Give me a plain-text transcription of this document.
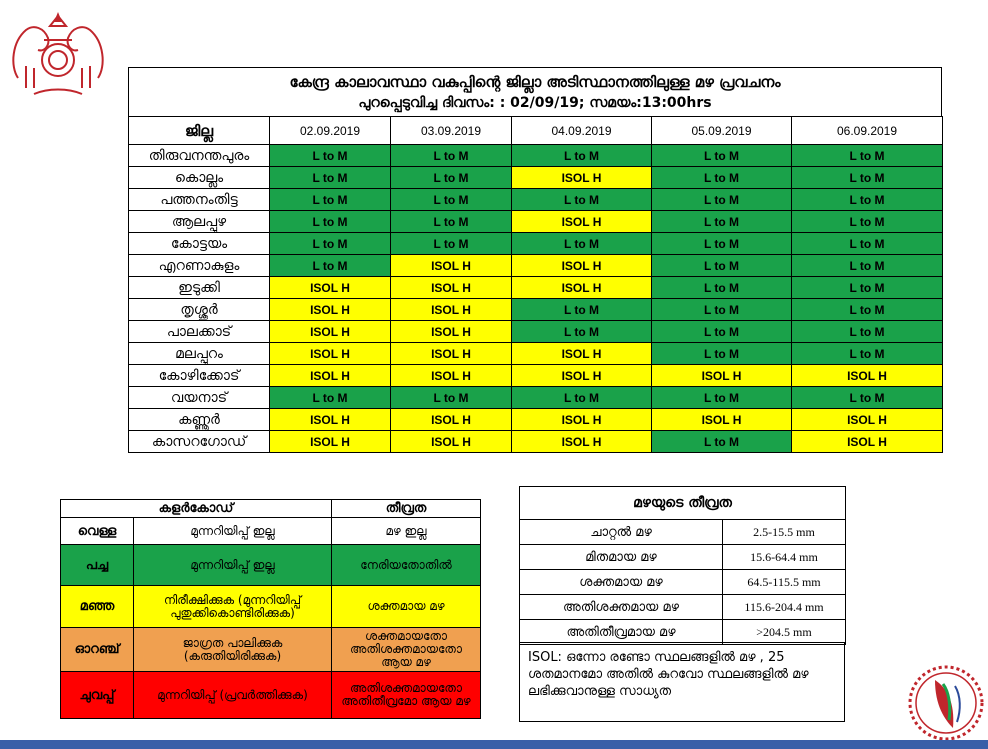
കേന്ദ്ര കാലാവസ്ഥാ വകുപ്പിന്റെ ജില്ലാ അടിസ്ഥാനത്തിലുള്ള മഴ പ്രവചനം
പുറപ്പെടുവിച്ച ദിവസം: : 02/09/19; സമയം:13:00hrs
ജില്ല	02.09.2019	03.09.2019	04.09.2019	05.09.2019	06.09.2019
തിരുവനന്തപുരം	L to M	L to M	L to M	L to M	L to M
കൊല്ലം	L to M	L to M	ISOL H	L to M	L to M
പത്തനംതിട്ട	L to M	L to M	L to M	L to M	L to M
ആലപ്പുഴ	L to M	L to M	ISOL H	L to M	L to M
കോട്ടയം	L to M	L to M	L to M	L to M	L to M
എറണാകുളം	L to M	ISOL H	ISOL H	L to M	L to M
ഇടുക്കി	ISOL H	ISOL H	ISOL H	L to M	L to M
തൃശ്ശൂർ	ISOL H	ISOL H	L to M	L to M	L to M
പാലക്കാട്	ISOL H	ISOL H	L to M	L to M	L to M
മലപ്പുറം	ISOL H	ISOL H	ISOL H	L to M	L to M
കോഴിക്കോട്	ISOL H	ISOL H	ISOL H	ISOL H	ISOL H
വയനാട്	L to M	L to M	L to M	L to M	L to M
കണ്ണൂർ	ISOL H	ISOL H	ISOL H	ISOL H	ISOL H
കാസറഗോഡ്	ISOL H	ISOL H	ISOL H	L to M	ISOL H
കളർകോഡ്		തീവ്രത
വെള്ള	മുന്നറിയിപ്പ് ഇല്ല	മഴ ഇല്ല
പച്ച	മുന്നറിയിപ്പ് ഇല്ല	നേരിയതോതിൽ
മഞ്ഞ	നിരീക്ഷിക്കുക (മുന്നറിയിപ്പ് പുതുക്കികൊണ്ടിരിക്കുക)	ശക്തമായ മഴ
ഓറഞ്ച്	ജാഗ്രത പാലിക്കുക (കരുതിയിരിക്കുക)	ശക്തമായതോ അതിശക്തമായതോ ആയ മഴ
ചുവപ്പ്	മുന്നറിയിപ്പ് (പ്രവർത്തിക്കുക)	അതിശക്തമായതോ അതിതീവ്രമോ ആയ മഴ
മഴയുടെ തീവ്രത	
ചാറ്റൽ മഴ	2.5-15.5 mm
മിതമായ മഴ	15.6-64.4 mm
ശക്തമായ മഴ	64.5-115.5 mm
അതിശക്തമായ മഴ	115.6-204.4 mm
അതിതീവ്രമായ മഴ	>204.5 mm
ISOL: ഒന്നോ രണ്ടോ സ്ഥലങ്ങളിൽ മഴ , 25 ശതമാനമോ അതിൽ കുറവോ സ്ഥലങ്ങളിൽ മഴ ലഭിക്കുവാനുള്ള സാധ്യത
